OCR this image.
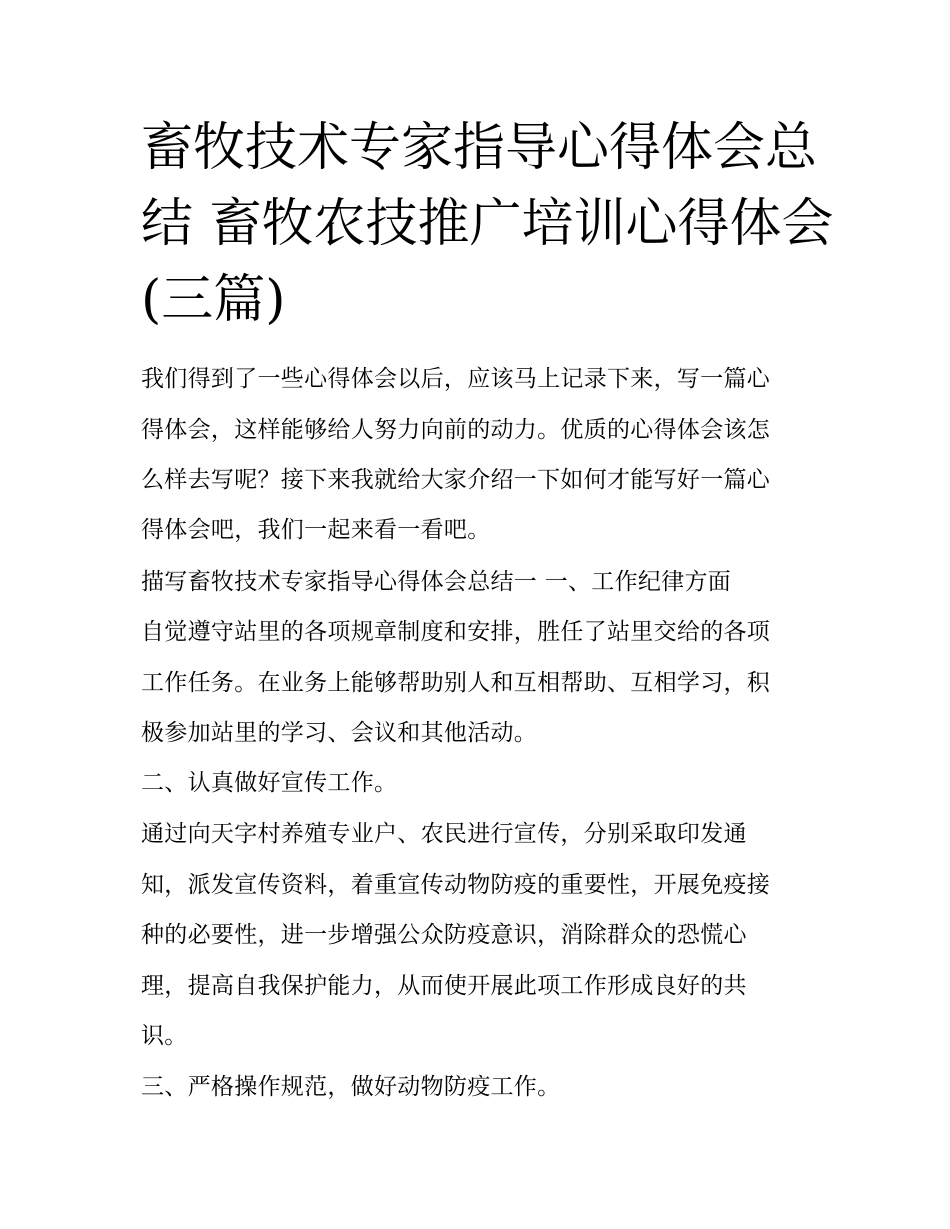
畜牧技术专家指导心得体会总
结 畜牧农技推广培训心得体会
(三篇)
我们得到了一些心得体会以后，应该马上记录下来，写一篇心
得体会，这样能够给人努力向前的动力。优质的心得体会该怎
么样去写呢？接下来我就给大家介绍一下如何才能写好一篇心
得体会吧，我们一起来看一看吧。
描写畜牧技术专家指导心得体会总结一 一、工作纪律方面
自觉遵守站里的各项规章制度和安排，胜任了站里交给的各项
工作任务。在业务上能够帮助别人和互相帮助、互相学习，积
极参加站里的学习、会议和其他活动。
二、认真做好宣传工作。
通过向天字村养殖专业户、农民进行宣传，分别采取印发通
知，派发宣传资料，着重宣传动物防疫的重要性，开展免疫接
种的必要性，进一步增强公众防疫意识，消除群众的恐慌心
理，提高自我保护能力，从而使开展此项工作形成良好的共
识。
三、严格操作规范，做好动物防疫工作。
